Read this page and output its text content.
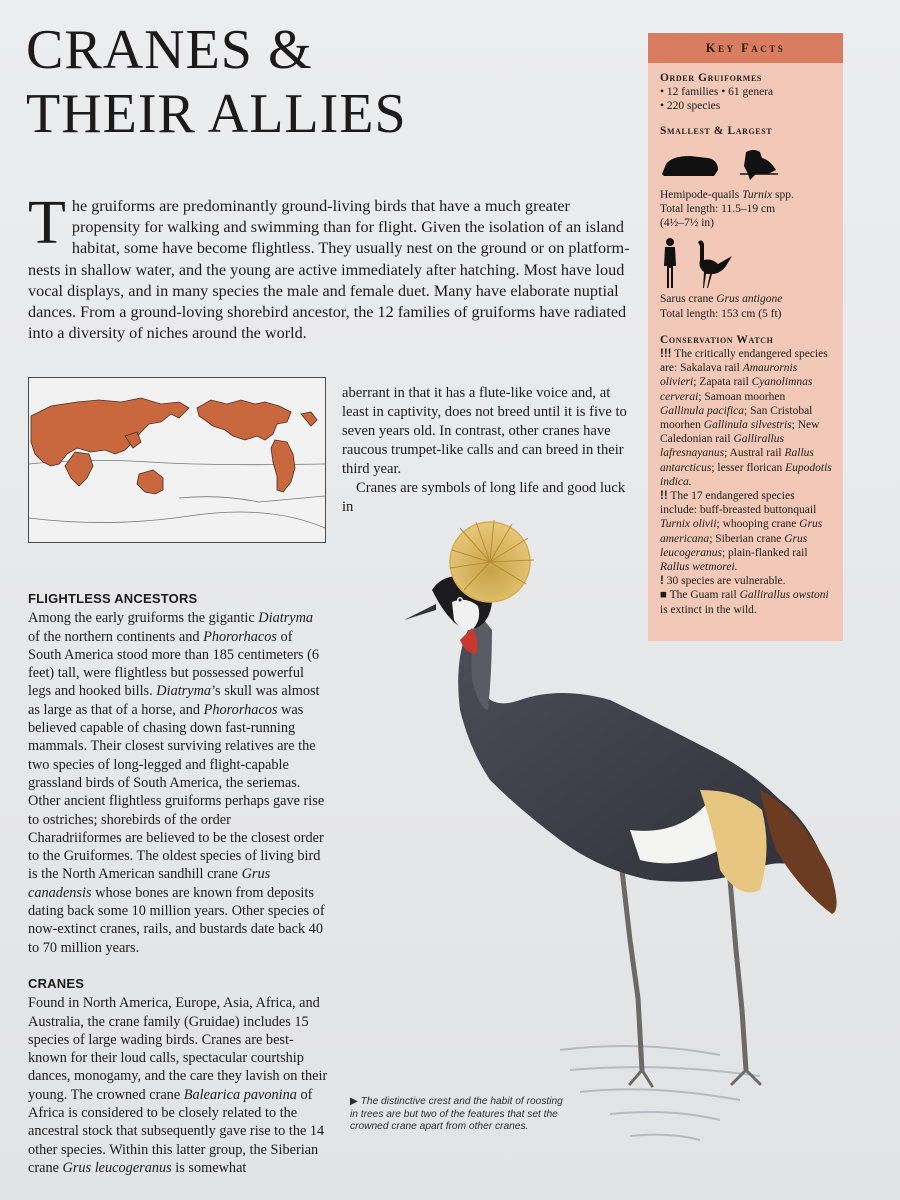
CRANES &
THEIR ALLIES

The gruiforms are predominantly ground-living birds that have a much greater propensity for walking and swimming than for flight. Given the isolation of an island habitat, some have become flightless. They usually nest on the ground or on platform-nests in shallow water, and the young are active immediately after hatching. Most have loud vocal displays, and in many species the male and female duet. Many have elaborate nuptial dances. From a ground-loving shorebird ancestor, the 12 families of gruiforms have radiated into a diversity of niches around the world.

aberrant in that it has a flute-like voice and, at least in captivity, does not breed until it is five to seven years old. In contrast, other cranes have raucous trumpet-like calls and can breed in their third year.

Cranes are symbols of long life and good luck in

FLIGHTLESS ANCESTORS

Among the early gruiforms the gigantic Diatryma of the northern continents and Phororhacos of South America stood more than 185 centimeters (6 feet) tall, were flightless but possessed powerful legs and hooked bills. Diatryma’s skull was almost as large as that of a horse, and Phororhacos was believed capable of chasing down fast-running mammals. Their closest surviving relatives are the two species of long-legged and flight-capable grassland birds of South America, the seriemas. Other ancient flightless gruiforms perhaps gave rise to ostriches; shorebirds of the order Charadriiformes are believed to be the closest order to the Gruiformes. The oldest species of living bird is the North American sandhill crane Grus canadensis whose bones are known from deposits dating back some 10 million years. Other species of now-extinct cranes, rails, and bustards date back 40 to 70 million years.

CRANES

Found in North America, Europe, Asia, Africa, and Australia, the crane family (Gruidae) includes 15 species of large wading birds. Cranes are best-known for their loud calls, spectacular courtship dances, monogamy, and the care they lavish on their young. The crowned crane Balearica pavonina of Africa is considered to be closely related to the ancestral stock that subsequently gave rise to the 14 other species. Within this latter group, the Siberian crane Grus leucogeranus is somewhat

Key Facts

Order Gruiformes

• 12 families • 61 genera

• 220 species

Smallest & Largest

Hemipode-quails Turnix spp.

Total length: 11.5–19 cm

(4½–7½ in)

Sarus crane Grus antigone

Total length: 153 cm (5 ft)

Conservation Watch

!!! The critically endangered species are: Sakalava rail Amaurornis olivieri; Zapata rail Cyanolimnas cerverai; Samoan moorhen Gallinula pacifica; San Cristobal moorhen Gallinula silvestris; New Caledonian rail Gallirallus lafresnayanus; Austral rail Rallus antarcticus; lesser florican Eupodotis indica.

!! The 17 endangered species include: buff-breasted buttonquail Turnix olivii; whooping crane Grus americana; Siberian crane Grus leucogeranus; plain-flanked rail Rallus wetmorei.

! 30 species are vulnerable.

■ The Guam rail Gallirallus owstoni is extinct in the wild.

▶ The distinctive crest and the habit of roosting in trees are but two of the features that set the crowned crane apart from other cranes.
